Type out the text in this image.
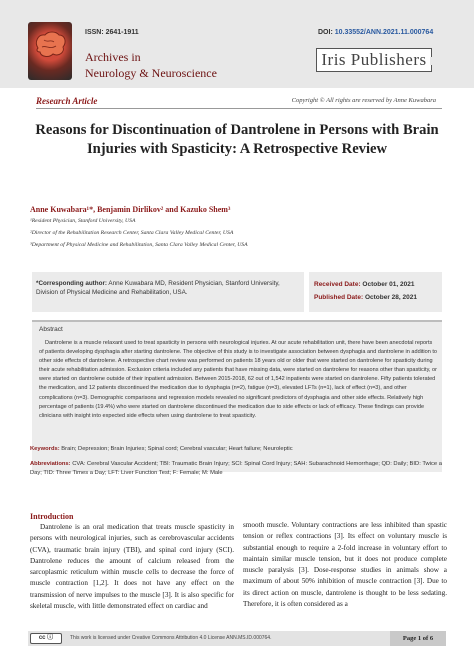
ISSN: 2641-1911
Archives in
Neurology & Neuroscience
DOI: 10.33552/ANN.2021.11.000764
Iris Publishers
Research Article	Copyright © All rights are reserved by Anne Kuwabara
Reasons for Discontinuation of Dantrolene in Persons with Brain Injuries with Spasticity: A Retrospective Review
Anne Kuwabara¹*, Benjamin Dirlikov² and Kazuko Shem³
¹Resident Physician, Stanford University, USA
²Director of the Rehabilitation Research Center, Santa Clara Valley Medical Center, USA
³Department of Physical Medicine and Rehabilitation, Santa Clara Valley Medical Center, USA
*Corresponding author: Anne Kuwabara MD, Resident Physician, Stanford University, Division of Physical Medicine and Rehabilitation, USA.
Received Date: October 01, 2021
Published Date: October 28, 2021
Abstract
Dantrolene is a muscle relaxant used to treat spasticity in persons with neurological injuries. At our acute rehabilitation unit, there have been anecdotal reports of patients developing dysphagia after starting dantrolene. The objective of this study is to investigate association between dysphagia and dantrolene in addition to other side effects of dantrolene. A retrospective chart review was performed on patients 18 years old or older that were started on dantrolene for spasticity during their acute rehabilitation admission. Exclusion criteria included any patients that have missing data, were started on dantrolene for reasons other than spasticity, or were started on dantrolene outside of their inpatient admission. Between 2015-2018, 62 out of 1,542 inpatients were started on dantrolene. Fifty patients tolerated the medication, and 12 patients discontinued the medication due to dysphagia (n=2), fatigue (n=3), elevated LFTs (n=1), lack of effect (n=3), and other complications (n=3). Demographic comparisons and regression models revealed no significant predictors of dysphagia and other side effects. Relatively high percentage of patients (19.4%) who were started on dantrolene discontinued the medication due to side effects or lack of efficacy. These findings can provide clinicians with insight into expected side effects when using dantrolene to treat spasticity.
Keywords: Brain; Depression; Brain Injuries; Spinal cord; Cerebral vascular; Heart failure; Neuroleptic
Abbreviations: CVA: Cerebral Vascular Accident; TBI: Traumatic Brain Injury; SCI: Spinal Cord Injury; SAH: Subarachnoid Hemorrhage; QD: Daily; BID: Twice a Day; TID: Three Times a Day; LFT: Liver Function Test; F: Female; M: Male
Introduction
Dantrolene is an oral medication that treats muscle spasticity in persons with neurological injuries, such as cerebrovascular accidents (CVA), traumatic brain injury (TBI), and spinal cord injury (SCI). Dantrolene reduces the amount of calcium released from the sarcoplasmic reticulum within muscle cells to decrease the force of muscle contraction [1,2]. It does not have any effect on the transmission of nerve impulses to the muscle [3]. It is also specific for skeletal muscle, with little demonstrated effect on cardiac and
smooth muscle. Voluntary contractions are less inhibited than spastic tension or reflex contractions [3]. Its effect on voluntary muscle is substantial enough to require a 2-fold increase in voluntary effort to maintain similar muscle tension, but it does not produce complete muscle paralysis [3]. Dose-response studies in animals show a maximum of about 50% inhibition of muscle contraction [3]. Due to its direct action on muscle, dantrolene is thought to be less sedating. Therefore, it is often considered as a
cc ⓘ	This work is licensed under Creative Commons Attribution 4.0 License ANN.MS.ID.000764.	Page 1 of 6
